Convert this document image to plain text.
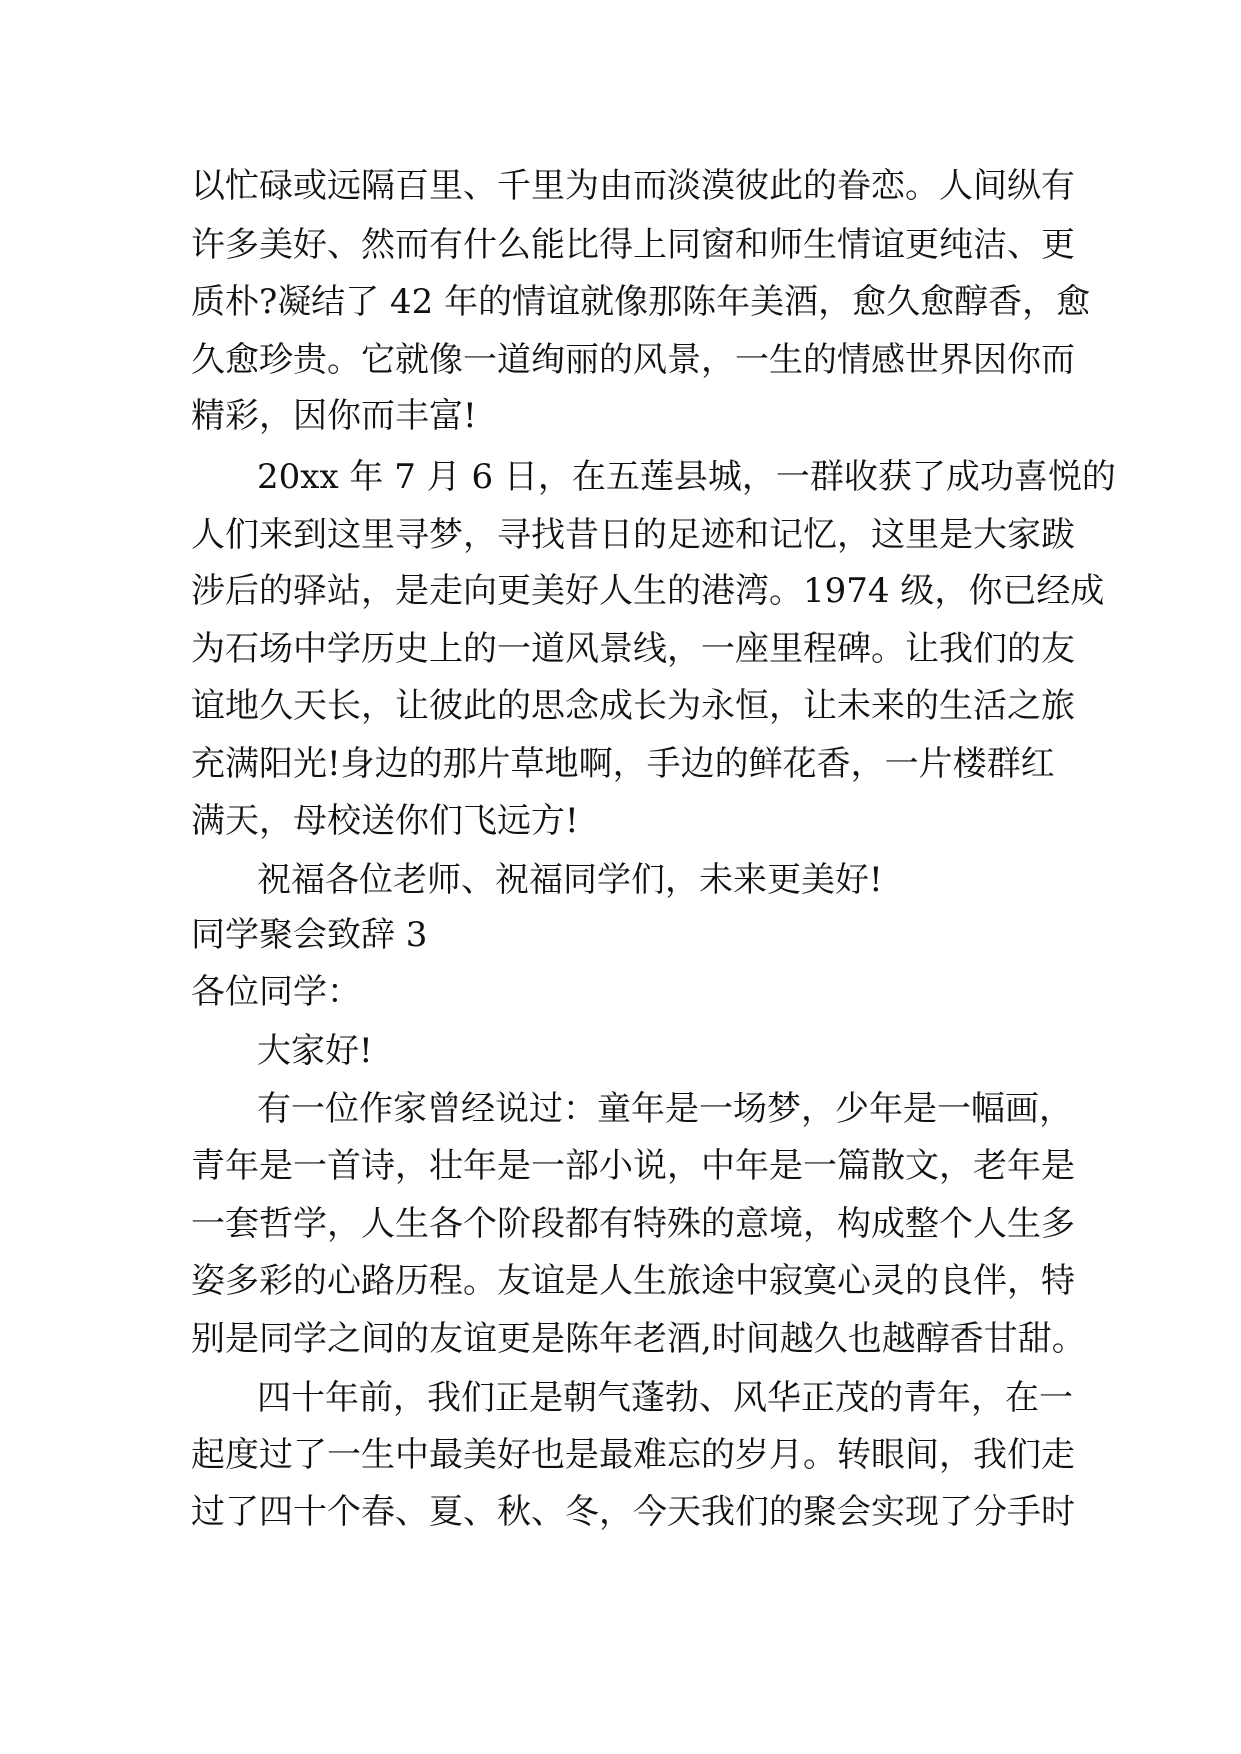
以忙碌或远隔百里、千里为由而淡漠彼此的眷恋。人间纵有
许多美好、然而有什么能比得上同窗和师生情谊更纯洁、更
质朴?凝结了 42 年的情谊就像那陈年美酒，愈久愈醇香，愈
久愈珍贵。它就像一道绚丽的风景，一生的情感世界因你而
精彩，因你而丰富!
20xx 年 7 月 6 日，在五莲县城，一群收获了成功喜悦的
人们来到这里寻梦，寻找昔日的足迹和记忆，这里是大家跋
涉后的驿站，是走向更美好人生的港湾。1974 级，你已经成
为石场中学历史上的一道风景线，一座里程碑。让我们的友
谊地久天长，让彼此的思念成长为永恒，让未来的生活之旅
充满阳光!身边的那片草地啊，手边的鲜花香，一片楼群红
满天，母校送你们飞远方!
祝福各位老师、祝福同学们，未来更美好!
同学聚会致辞 3
各位同学：
大家好!
有一位作家曾经说过：童年是一场梦，少年是一幅画，
青年是一首诗，壮年是一部小说，中年是一篇散文，老年是
一套哲学，人生各个阶段都有特殊的意境，构成整个人生多
姿多彩的心路历程。友谊是人生旅途中寂寞心灵的良伴，特
别是同学之间的友谊更是陈年老酒,时间越久也越醇香甘甜。
四十年前，我们正是朝气蓬勃、风华正茂的青年，在一
起度过了一生中最美好也是最难忘的岁月。转眼间，我们走
过了四十个春、夏、秋、冬，今天我们的聚会实现了分手时
